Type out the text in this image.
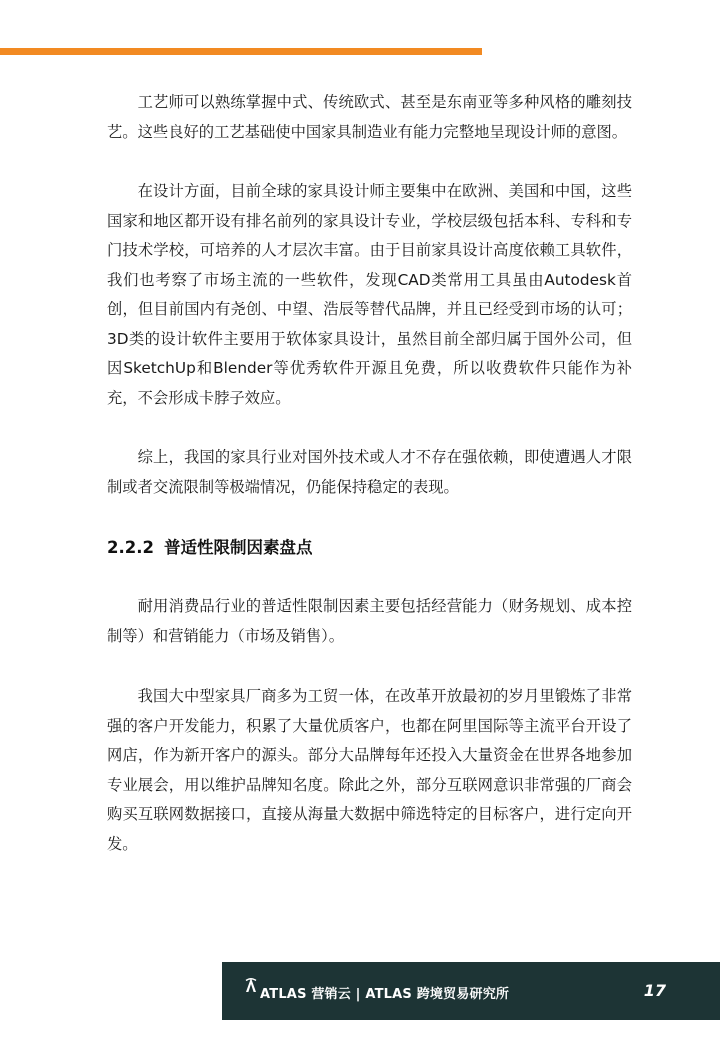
工艺师可以熟练掌握中式、传统欧式、甚至是东南亚等多种风格的雕刻技艺。这些良好的工艺基础使中国家具制造业有能力完整地呈现设计师的意图。

在设计方面，目前全球的家具设计师主要集中在欧洲、美国和中国，这些国家和地区都开设有排名前列的家具设计专业，学校层级包括本科、专科和专门技术学校，可培养的人才层次丰富。由于目前家具设计高度依赖工具软件，我们也考察了市场主流的一些软件，发现CAD类常用工具虽由Autodesk首创，但目前国内有尧创、中望、浩辰等替代品牌，并且已经受到市场的认可；3D类的设计软件主要用于软体家具设计，虽然目前全部归属于国外公司，但因SketchUp和Blender等优秀软件开源且免费，所以收费软件只能作为补充，不会形成卡脖子效应。

综上，我国的家具行业对国外技术或人才不存在强依赖，即使遭遇人才限制或者交流限制等极端情况，仍能保持稳定的表现。

2.2.2 普适性限制因素盘点

耐用消费品行业的普适性限制因素主要包括经营能力（财务规划、成本控制等）和营销能力（市场及销售）。

我国大中型家具厂商多为工贸一体，在改革开放最初的岁月里锻炼了非常强的客户开发能力，积累了大量优质客户，也都在阿里国际等主流平台开设了网店，作为新开客户的源头。部分大品牌每年还投入大量资金在世界各地参加专业展会，用以维护品牌知名度。除此之外，部分互联网意识非常强的厂商会购买互联网数据接口，直接从海量大数据中筛选特定的目标客户，进行定向开发。

ATLAS 营销云 | ATLAS 跨境贸易研究所	17
